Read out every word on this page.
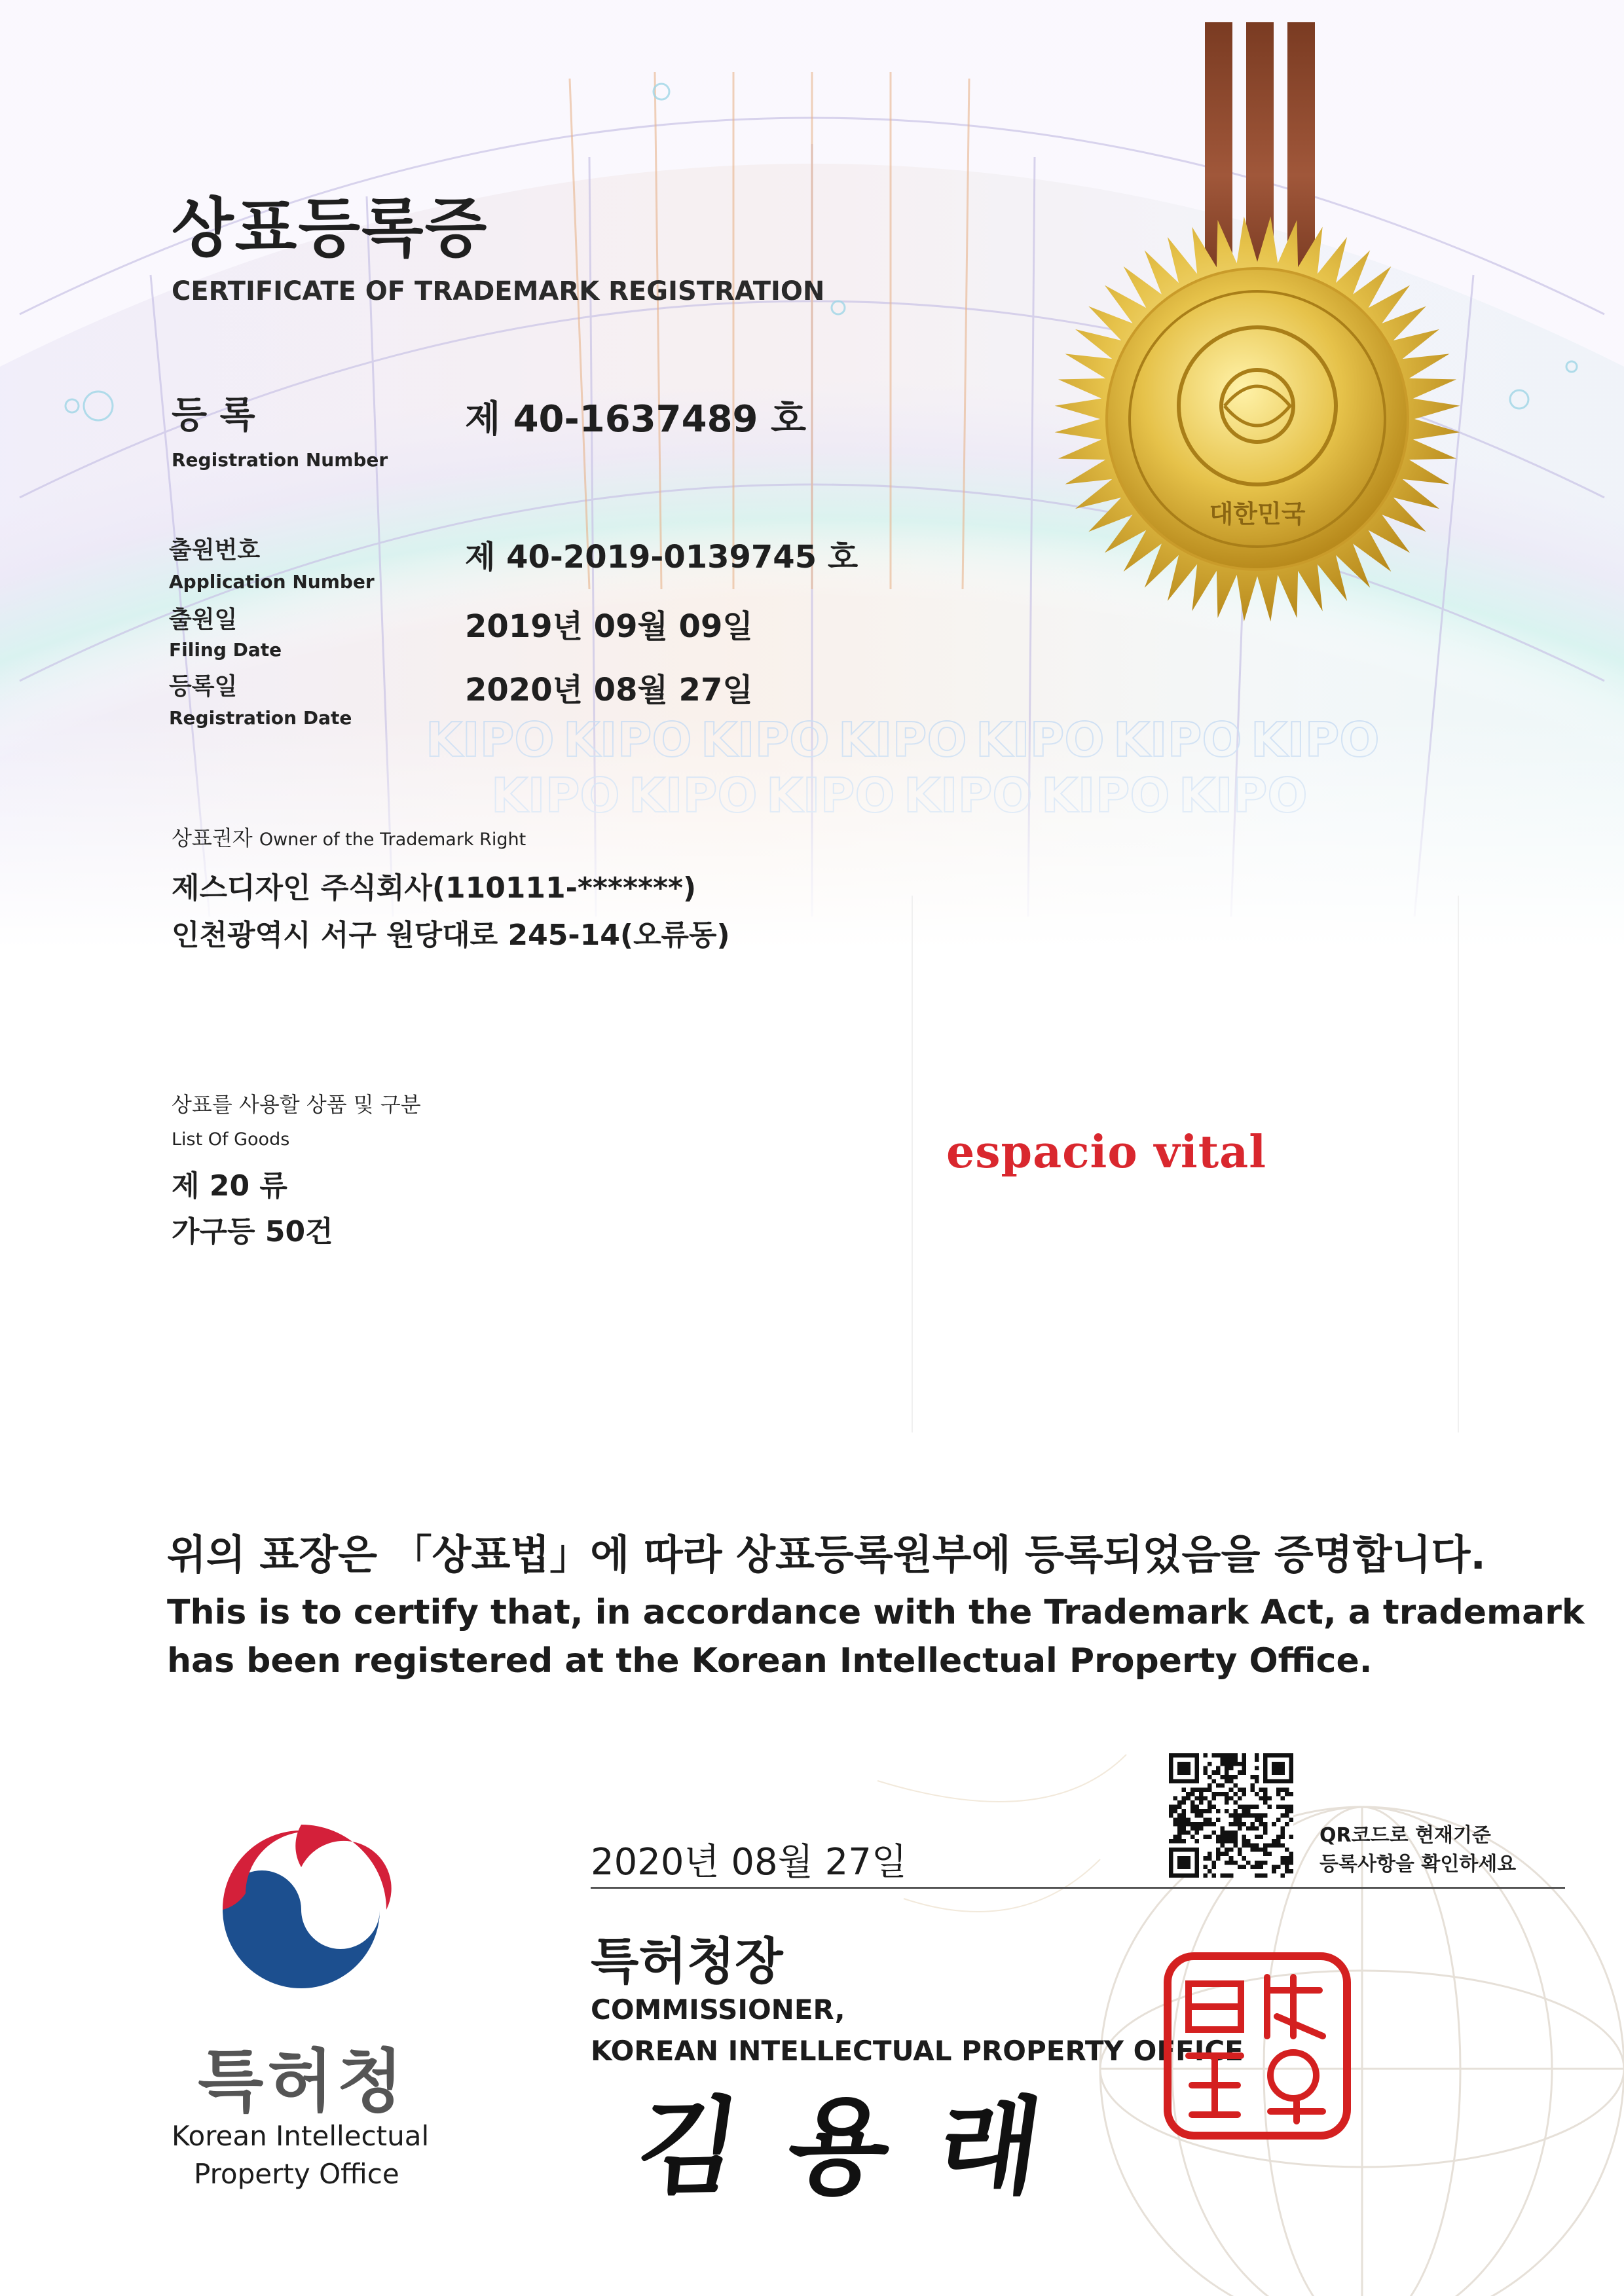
대한민국
상표등록증
CERTIFICATE OF TRADEMARK REGISTRATION
등 록
Registration Number
제 40-1637489 호
출원번호
Application Number
제 40-2019-0139745 호
출원일
Filing Date
2019년 09월 09일
등록일
Registration Date
2020년 08월 27일
상표권자 Owner of the Trademark Right
제스디자인 주식회사(110111-*******)
인천광역시 서구 원당대로 245-14(오류동)
상표를 사용할 상품 및 구분
List Of Goods
제 20 류
가구등 50건
espacio vital
위의 표장은 「상표법」에 따라 상표등록원부에 등록되었음을 증명합니다.
This is to certify that, in accordance with the Trademark Act, a trademark
has been registered at the Korean Intellectual Property Office.
QR코드로 현재기준
등록사항을 확인하세요
2020년 08월 27일
특허청장
COMMISSIONER,
KOREAN INTELLECTUAL PROPERTY OFFICE
김 용 래
특허청
Korean Intellectual
Property Office
